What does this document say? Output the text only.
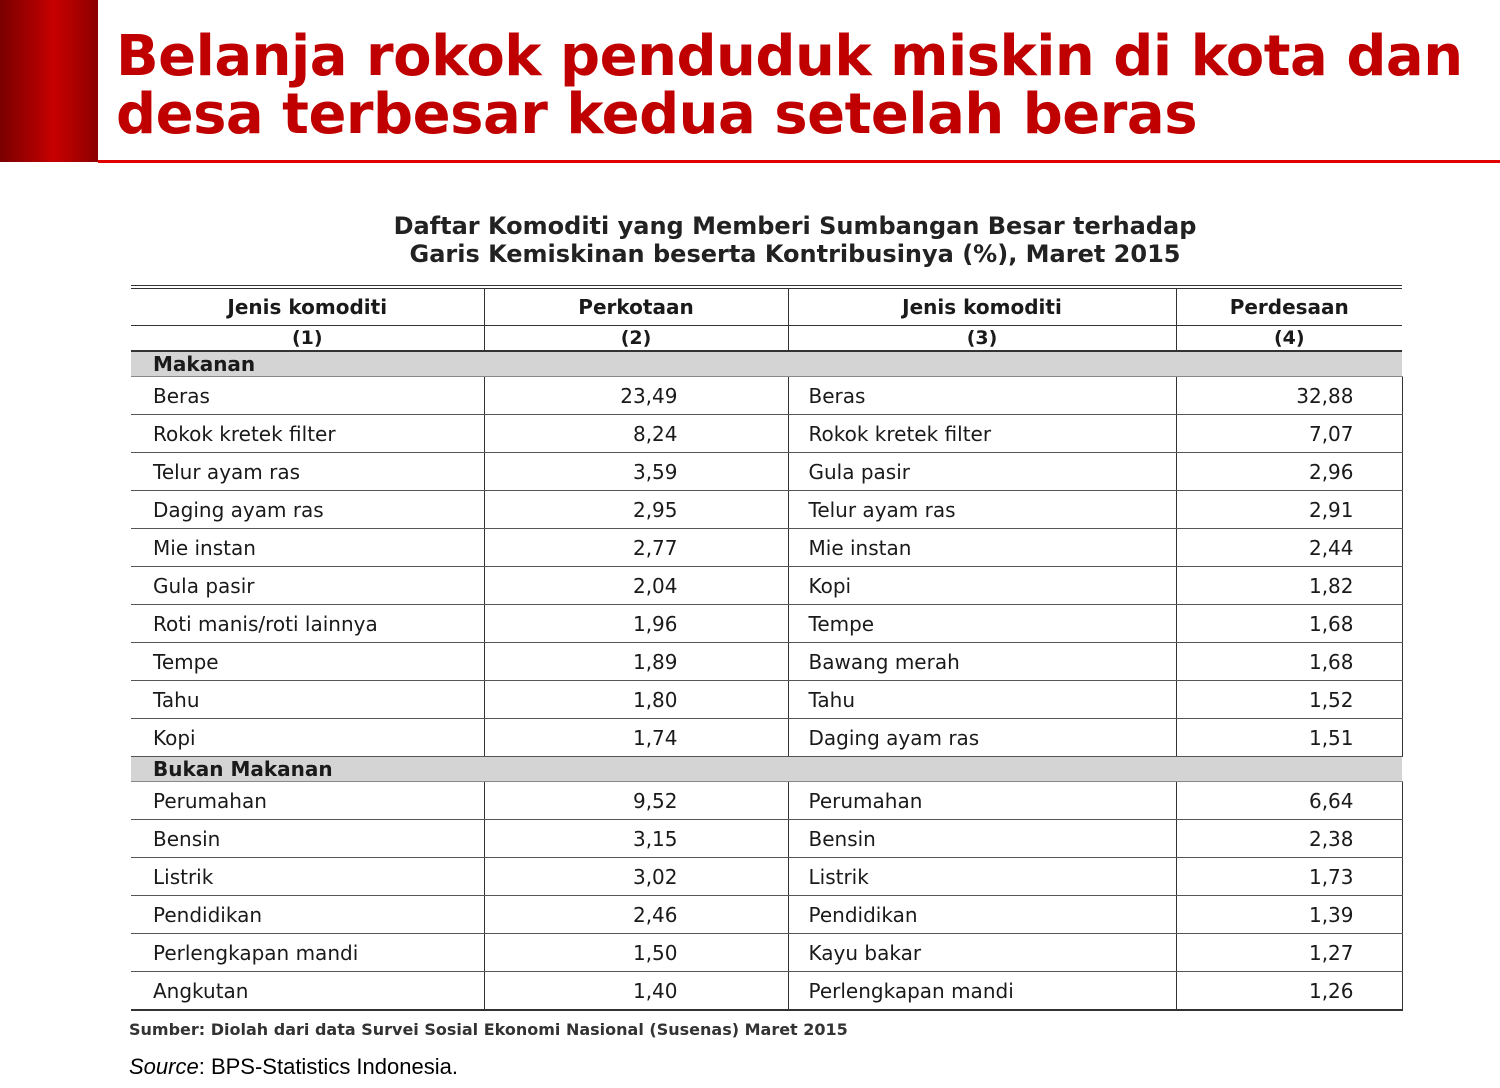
Belanja rokok penduduk miskin di kota dan desa terbesar kedua setelah beras
Daftar Komoditi yang Memberi Sumbangan Besar terhadap
Garis Kemiskinan beserta Kontribusinya (%), Maret 2015
Jenis komoditi	Perkotaan	Jenis komoditi	Perdesaan
(1)	(2)	(3)	(4)
Makanan			
Beras	23,49	Beras	32,88
Rokok kretek filter	8,24	Rokok kretek filter	7,07
Telur ayam ras	3,59	Gula pasir	2,96
Daging ayam ras	2,95	Telur ayam ras	2,91
Mie instan	2,77	Mie instan	2,44
Gula pasir	2,04	Kopi	1,82
Roti manis/roti lainnya	1,96	Tempe	1,68
Tempe	1,89	Bawang merah	1,68
Tahu	1,80	Tahu	1,52
Kopi	1,74	Daging ayam ras	1,51
Bukan Makanan			
Perumahan	9,52	Perumahan	6,64
Bensin	3,15	Bensin	2,38
Listrik	3,02	Listrik	1,73
Pendidikan	2,46	Pendidikan	1,39
Perlengkapan mandi	1,50	Kayu bakar	1,27
Angkutan	1,40	Perlengkapan mandi	1,26
Sumber: Diolah dari data Survei Sosial Ekonomi Nasional (Susenas) Maret 2015
Source: BPS-Statistics Indonesia.
